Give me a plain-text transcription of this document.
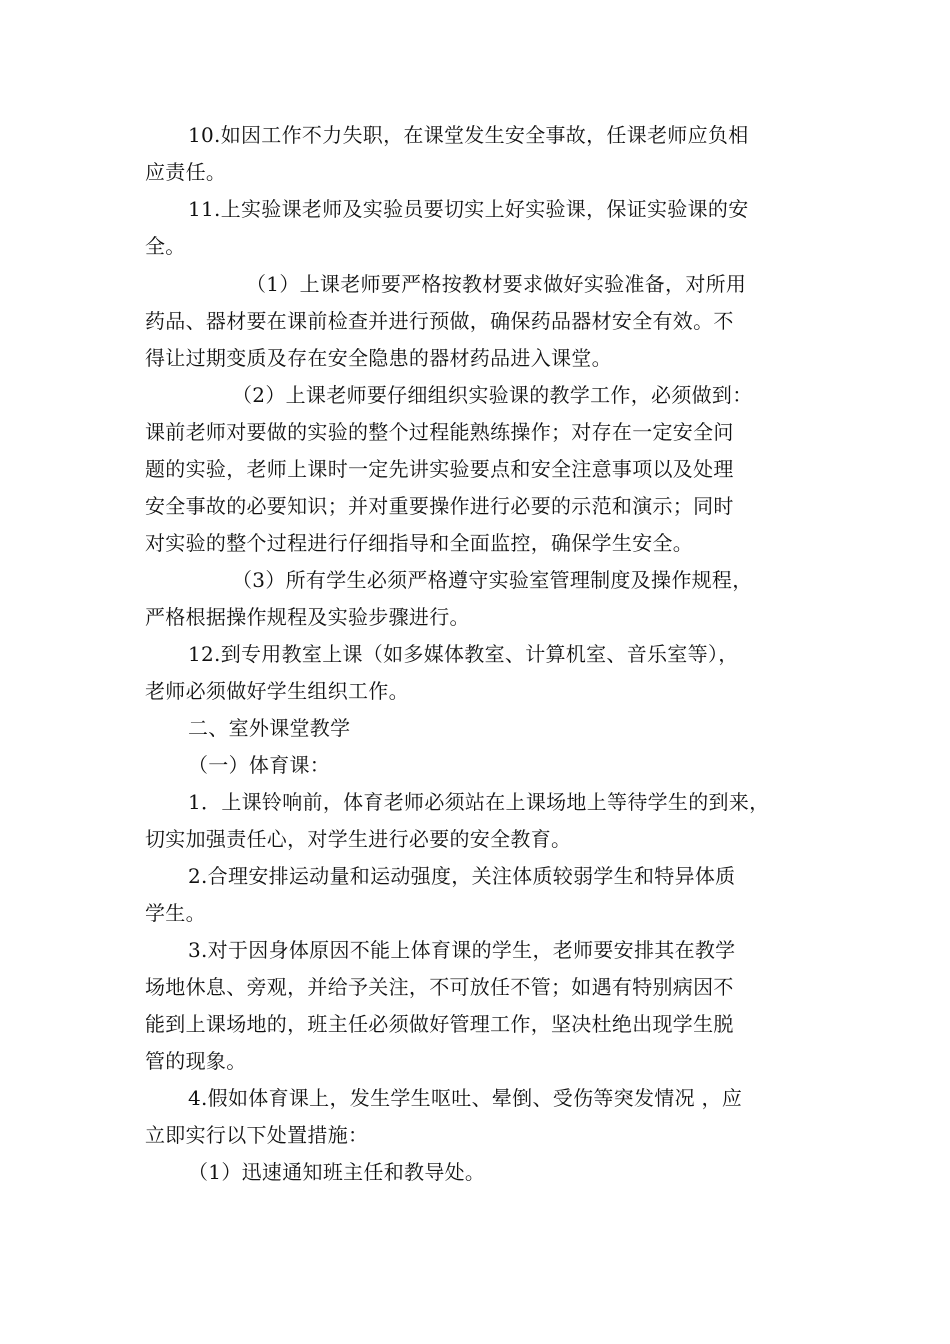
10.如因工作不力失职，在课堂发生安全事故，任课老师应负相
应责任。
11.上实验课老师及实验员要切实上好实验课，保证实验课的安
全。
（1）上课老师要严格按教材要求做好实验准备，对所用
药品、器材要在课前检查并进行预做，确保药品器材安全有效。不
得让过期变质及存在安全隐患的器材药品进入课堂。
（2）上课老师要仔细组织实验课的教学工作，必须做到：
课前老师对要做的实验的整个过程能熟练操作；对存在一定安全问
题的实验，老师上课时一定先讲实验要点和安全注意事项以及处理
安全事故的必要知识；并对重要操作进行必要的示范和演示；同时
对实验的整个过程进行仔细指导和全面监控，确保学生安全。
（3）所有学生必须严格遵守实验室管理制度及操作规程，
严格根据操作规程及实验步骤进行。
12.到专用教室上课（如多媒体教室、计算机室、音乐室等），
老师必须做好学生组织工作。
二、室外课堂教学
（一）体育课：
1．上课铃响前，体育老师必须站在上课场地上等待学生的到来，
切实加强责任心，对学生进行必要的安全教育。
2.合理安排运动量和运动强度，关注体质较弱学生和特异体质
学生。
3.对于因身体原因不能上体育课的学生，老师要安排其在教学
场地休息、旁观，并给予关注，不可放任不管；如遇有特别病因不
能到上课场地的，班主任必须做好管理工作，坚决杜绝出现学生脱
管的现象。
4.假如体育课上，发生学生呕吐、晕倒、受伤等突发情况 ，应
立即实行以下处置措施：
（1）迅速通知班主任和教导处。
